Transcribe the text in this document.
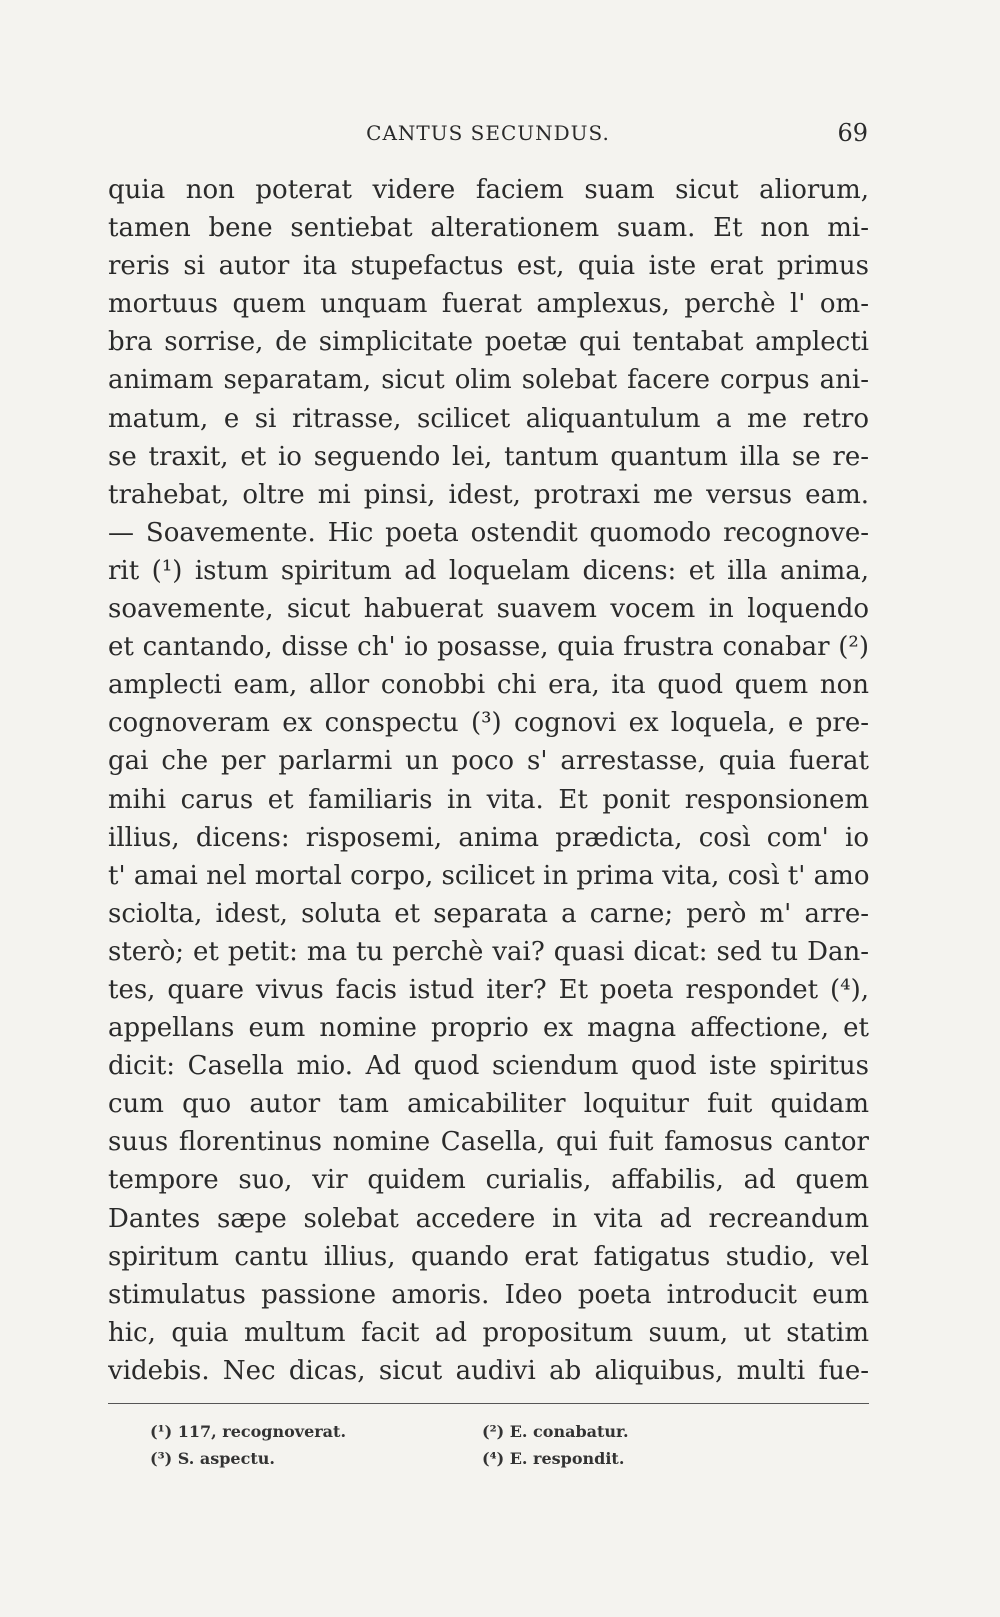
CANTUS SECUNDUS.	69
quia non poterat videre faciem suam sicut aliorum,
tamen bene sentiebat alterationem suam. Et non mi-
reris si autor ita stupefactus est, quia iste erat primus
mortuus quem unquam fuerat amplexus, perchè l' om-
bra sorrise, de simplicitate poetæ qui tentabat amplecti
animam separatam, sicut olim solebat facere corpus ani-
matum, e si ritrasse, scilicet aliquantulum a me retro
se traxit, et io seguendo lei, tantum quantum illa se re-
trahebat, oltre mi pinsi, idest, protraxi me versus eam.
— Soavemente. Hic poeta ostendit quomodo recognove-
rit (¹) istum spiritum ad loquelam dicens: et illa anima,
soavemente, sicut habuerat suavem vocem in loquendo
et cantando, disse ch' io posasse, quia frustra conabar (²)
amplecti eam, allor conobbi chi era, ita quod quem non
cognoveram ex conspectu (³) cognovi ex loquela, e pre-
gai che per parlarmi un poco s' arrestasse, quia fuerat
mihi carus et familiaris in vita. Et ponit responsionem
illius, dicens: risposemi, anima prædicta, così com' io
t' amai nel mortal corpo, scilicet in prima vita, così t' amo
sciolta, idest, soluta et separata a carne; però m' arre-
sterò; et petit: ma tu perchè vai? quasi dicat: sed tu Dan-
tes, quare vivus facis istud iter? Et poeta respondet (⁴),
appellans eum nomine proprio ex magna affectione, et
dicit: Casella mio. Ad quod sciendum quod iste spiritus
cum quo autor tam amicabiliter loquitur fuit quidam
suus florentinus nomine Casella, qui fuit famosus cantor
tempore suo, vir quidem curialis, affabilis, ad quem
Dantes sæpe solebat accedere in vita ad recreandum
spiritum cantu illius, quando erat fatigatus studio, vel
stimulatus passione amoris. Ideo poeta introducit eum
hic, quia multum facit ad propositum suum, ut statim
videbis. Nec dicas, sicut audivi ab aliquibus, multi fue-
(¹) 117, recognoverat.	(²) E. conabatur.
(³) S. aspectu.	(⁴) E. respondit.
